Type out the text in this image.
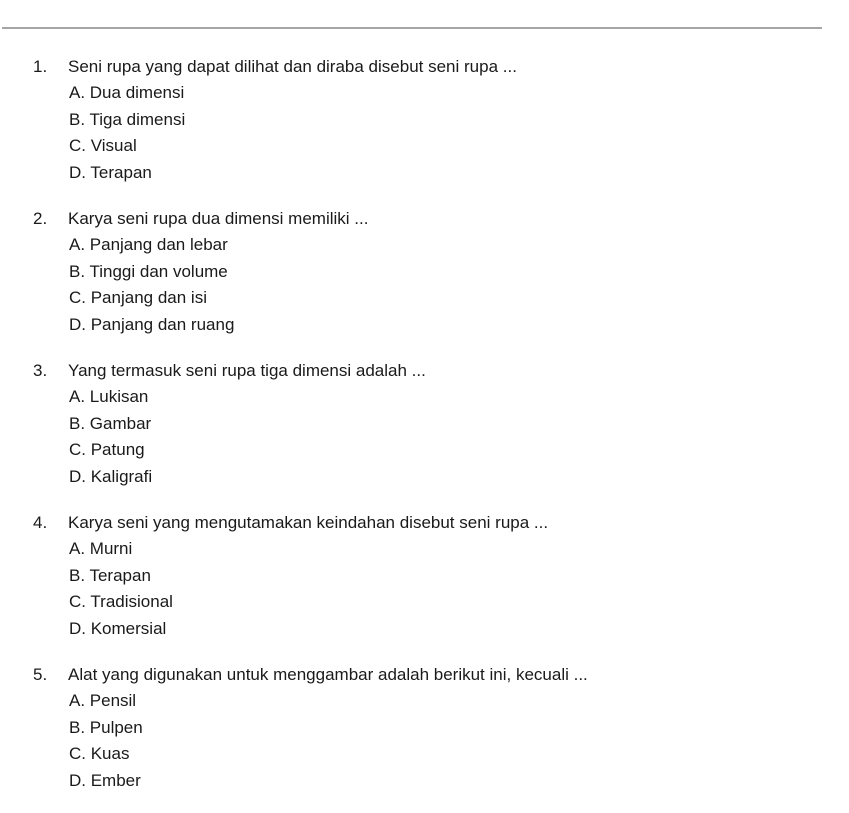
1.	Seni rupa yang dapat dilihat dan diraba disebut seni rupa ...
A. Dua dimensi
B. Tiga dimensi
C. Visual
D. Terapan
2.	Karya seni rupa dua dimensi memiliki ...
A. Panjang dan lebar
B. Tinggi dan volume
C. Panjang dan isi
D. Panjang dan ruang
3.	Yang termasuk seni rupa tiga dimensi adalah ...
A. Lukisan
B. Gambar
C. Patung
D. Kaligrafi
4.	Karya seni yang mengutamakan keindahan disebut seni rupa ...
A. Murni
B. Terapan
C. Tradisional
D. Komersial
5.	Alat yang digunakan untuk menggambar adalah berikut ini, kecuali ...
A. Pensil
B. Pulpen
C. Kuas
D. Ember
